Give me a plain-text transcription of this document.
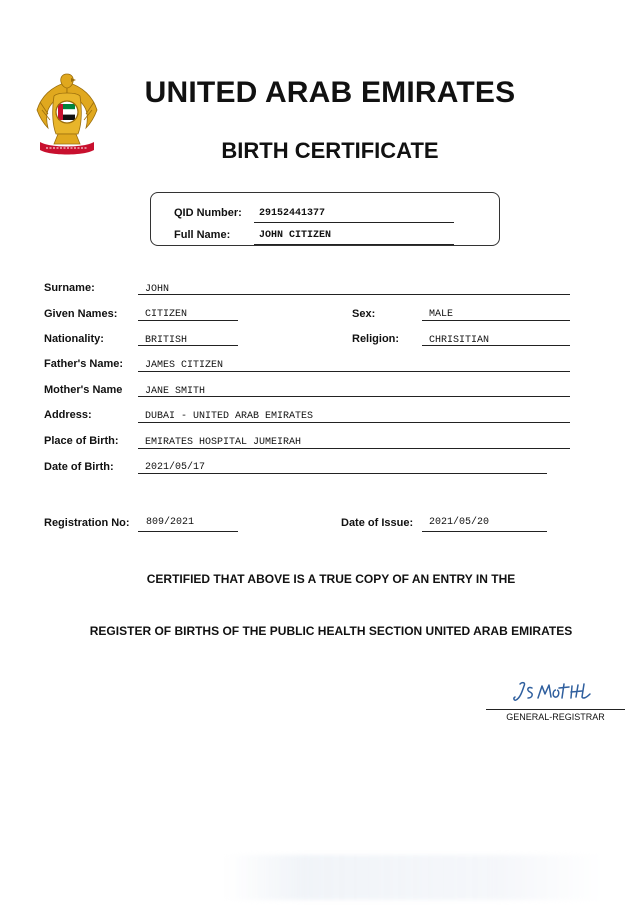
UNITED ARAB EMIRATES
BIRTH CERTIFICATE
QID Number: 29152441377
Full Name:	JOHN CITIZEN
Surname:	JOHN
Given Names:	CITIZEN	Sex:	MALE
Nationality:	BRITISH	Religion:	CHRISITIAN
Father's Name: JAMES CITIZEN
Mother's Name JANE SMITH
Address:	DUBAI - UNITED ARAB EMIRATES
Place of Birth:	EMIRATES HOSPITAL JUMEIRAH
Date of Birth:	2021/05/17
Registration No: 809/2021	Date of Issue: 2021/05/20
CERTIFIED THAT ABOVE IS A TRUE COPY OF AN ENTRY IN THE
REGISTER OF BIRTHS OF THE PUBLIC HEALTH SECTION UNITED ARAB EMIRATES
GENERAL-REGISTRAR
